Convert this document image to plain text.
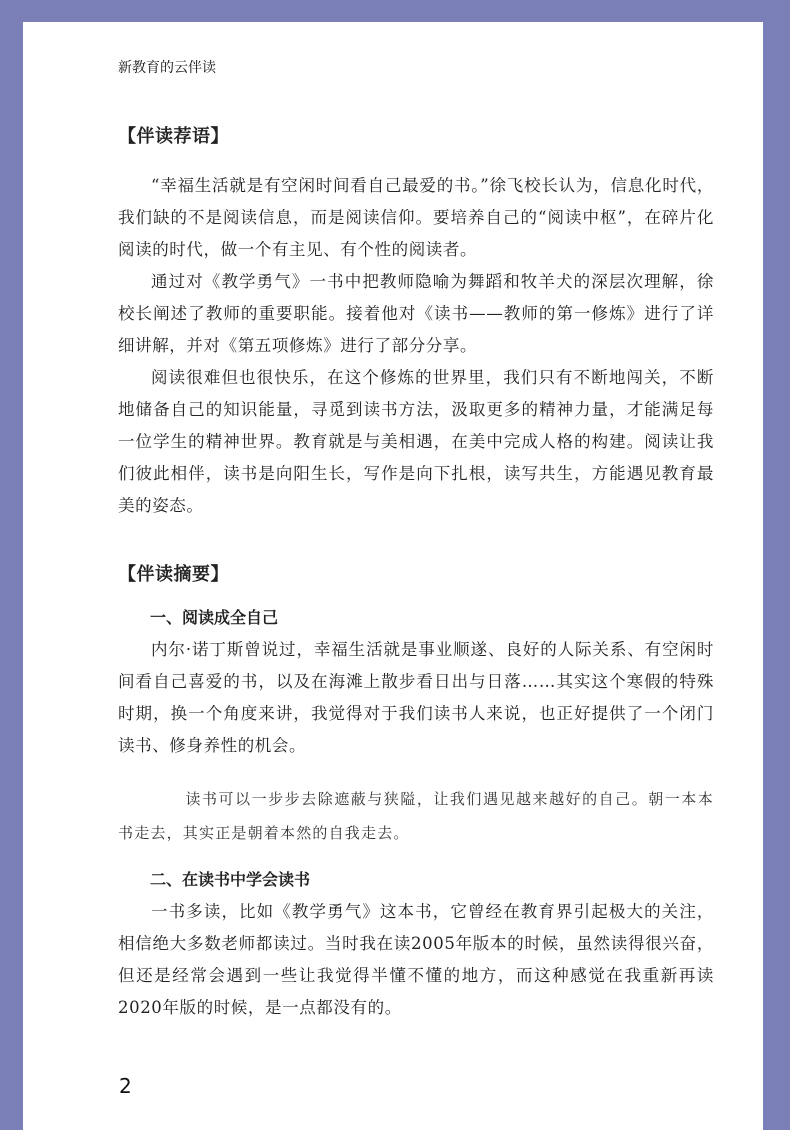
新教育的云伴读
【伴读荐语】

“幸福生活就是有空闲时间看自己最爱的书。”徐飞校长认为，信息化时代，我们缺的不是阅读信息，而是阅读信仰。要培养自己的“阅读中枢”，在碎片化阅读的时代，做一个有主见、有个性的阅读者。

通过对《教学勇气》一书中把教师隐喻为舞蹈和牧羊犬的深层次理解，徐校长阐述了教师的重要职能。接着他对《读书——教师的第一修炼》进行了详细讲解，并对《第五项修炼》进行了部分分享。

阅读很难但也很快乐，在这个修炼的世界里，我们只有不断地闯关，不断地储备自己的知识能量，寻觅到读书方法，汲取更多的精神力量，才能满足每一位学生的精神世界。教育就是与美相遇，在美中完成人格的构建。阅读让我们彼此相伴，读书是向阳生长，写作是向下扎根，读写共生，方能遇见教育最美的姿态。

【伴读摘要】

一、阅读成全自己

内尔·诺丁斯曾说过，幸福生活就是事业顺遂、良好的人际关系、有空闲时间看自己喜爱的书，以及在海滩上散步看日出与日落……其实这个寒假的特殊时期，换一个角度来讲，我觉得对于我们读书人来说，也正好提供了一个闭门读书、修身养性的机会。

读书可以一步步去除遮蔽与狭隘，让我们遇见越来越好的自己。朝一本本书走去，其实正是朝着本然的自我走去。

二、在读书中学会读书

一书多读，比如《教学勇气》这本书，它曾经在教育界引起极大的关注，相信绝大多数老师都读过。当时我在读2005年版本的时候，虽然读得很兴奋，但还是经常会遇到一些让我觉得半懂不懂的地方，而这种感觉在我重新再读2020年版的时候，是一点都没有的。

2
